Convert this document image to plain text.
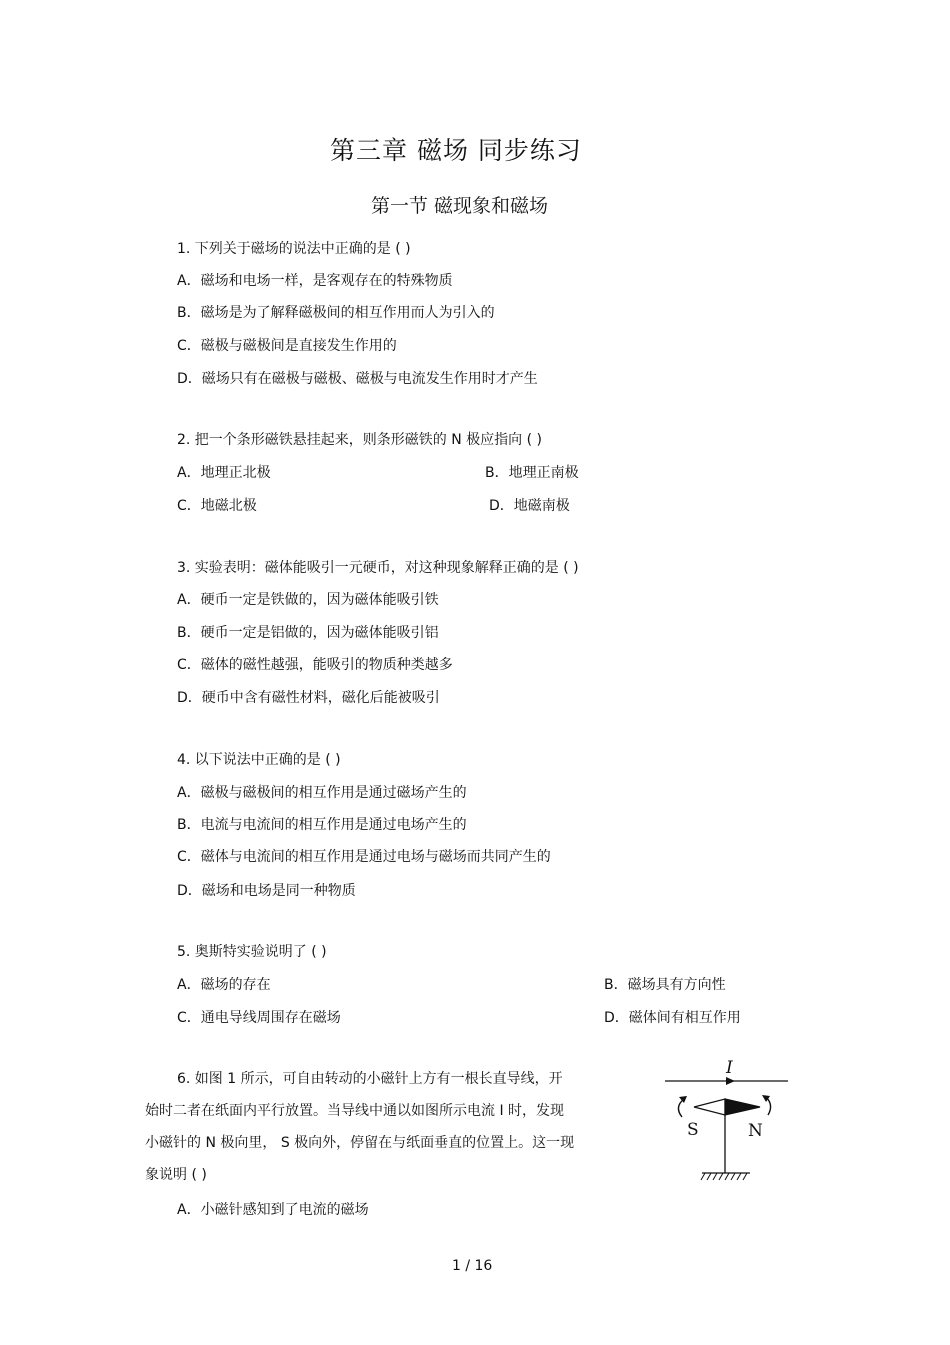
第三章 磁场 同步练习
第一节 磁现象和磁场
1. 下列关于磁场的说法中正确的是 ( )
A．磁场和电场一样，是客观存在的特殊物质
B．磁场是为了解释磁极间的相互作用而人为引入的
C．磁极与磁极间是直接发生作用的
D．磁场只有在磁极与磁极、磁极与电流发生作用时才产生
2. 把一个条形磁铁悬挂起来，则条形磁铁的 N 极应指向 ( )
A．地理正北极	B．地理正南极
C．地磁北极	D．地磁南极
3. 实验表明：磁体能吸引一元硬币，对这种现象解释正确的是 ( )
A．硬币一定是铁做的，因为磁体能吸引铁
B．硬币一定是铝做的，因为磁体能吸引铝
C．磁体的磁性越强，能吸引的物质种类越多
D．硬币中含有磁性材料，磁化后能被吸引
4. 以下说法中正确的是 ( )
A．磁极与磁极间的相互作用是通过磁场产生的
B．电流与电流间的相互作用是通过电场产生的
C．磁体与电流间的相互作用是通过电场与磁场而共同产生的
D．磁场和电场是同一种物质
5. 奥斯特实验说明了 ( )
A．磁场的存在	B．磁场具有方向性
C．通电导线周围存在磁场	D．磁体间有相互作用
6. 如图 1 所示，可自由转动的小磁针上方有一根长直导线，开
始时二者在纸面内平行放置。当导线中通以如图所示电流 I 时，发现
小磁针的 N 极向里， S 极向外，停留在与纸面垂直的位置上。这一现
象说明 ( )
A．小磁针感知到了电流的磁场
I
S	N
1 / 16
